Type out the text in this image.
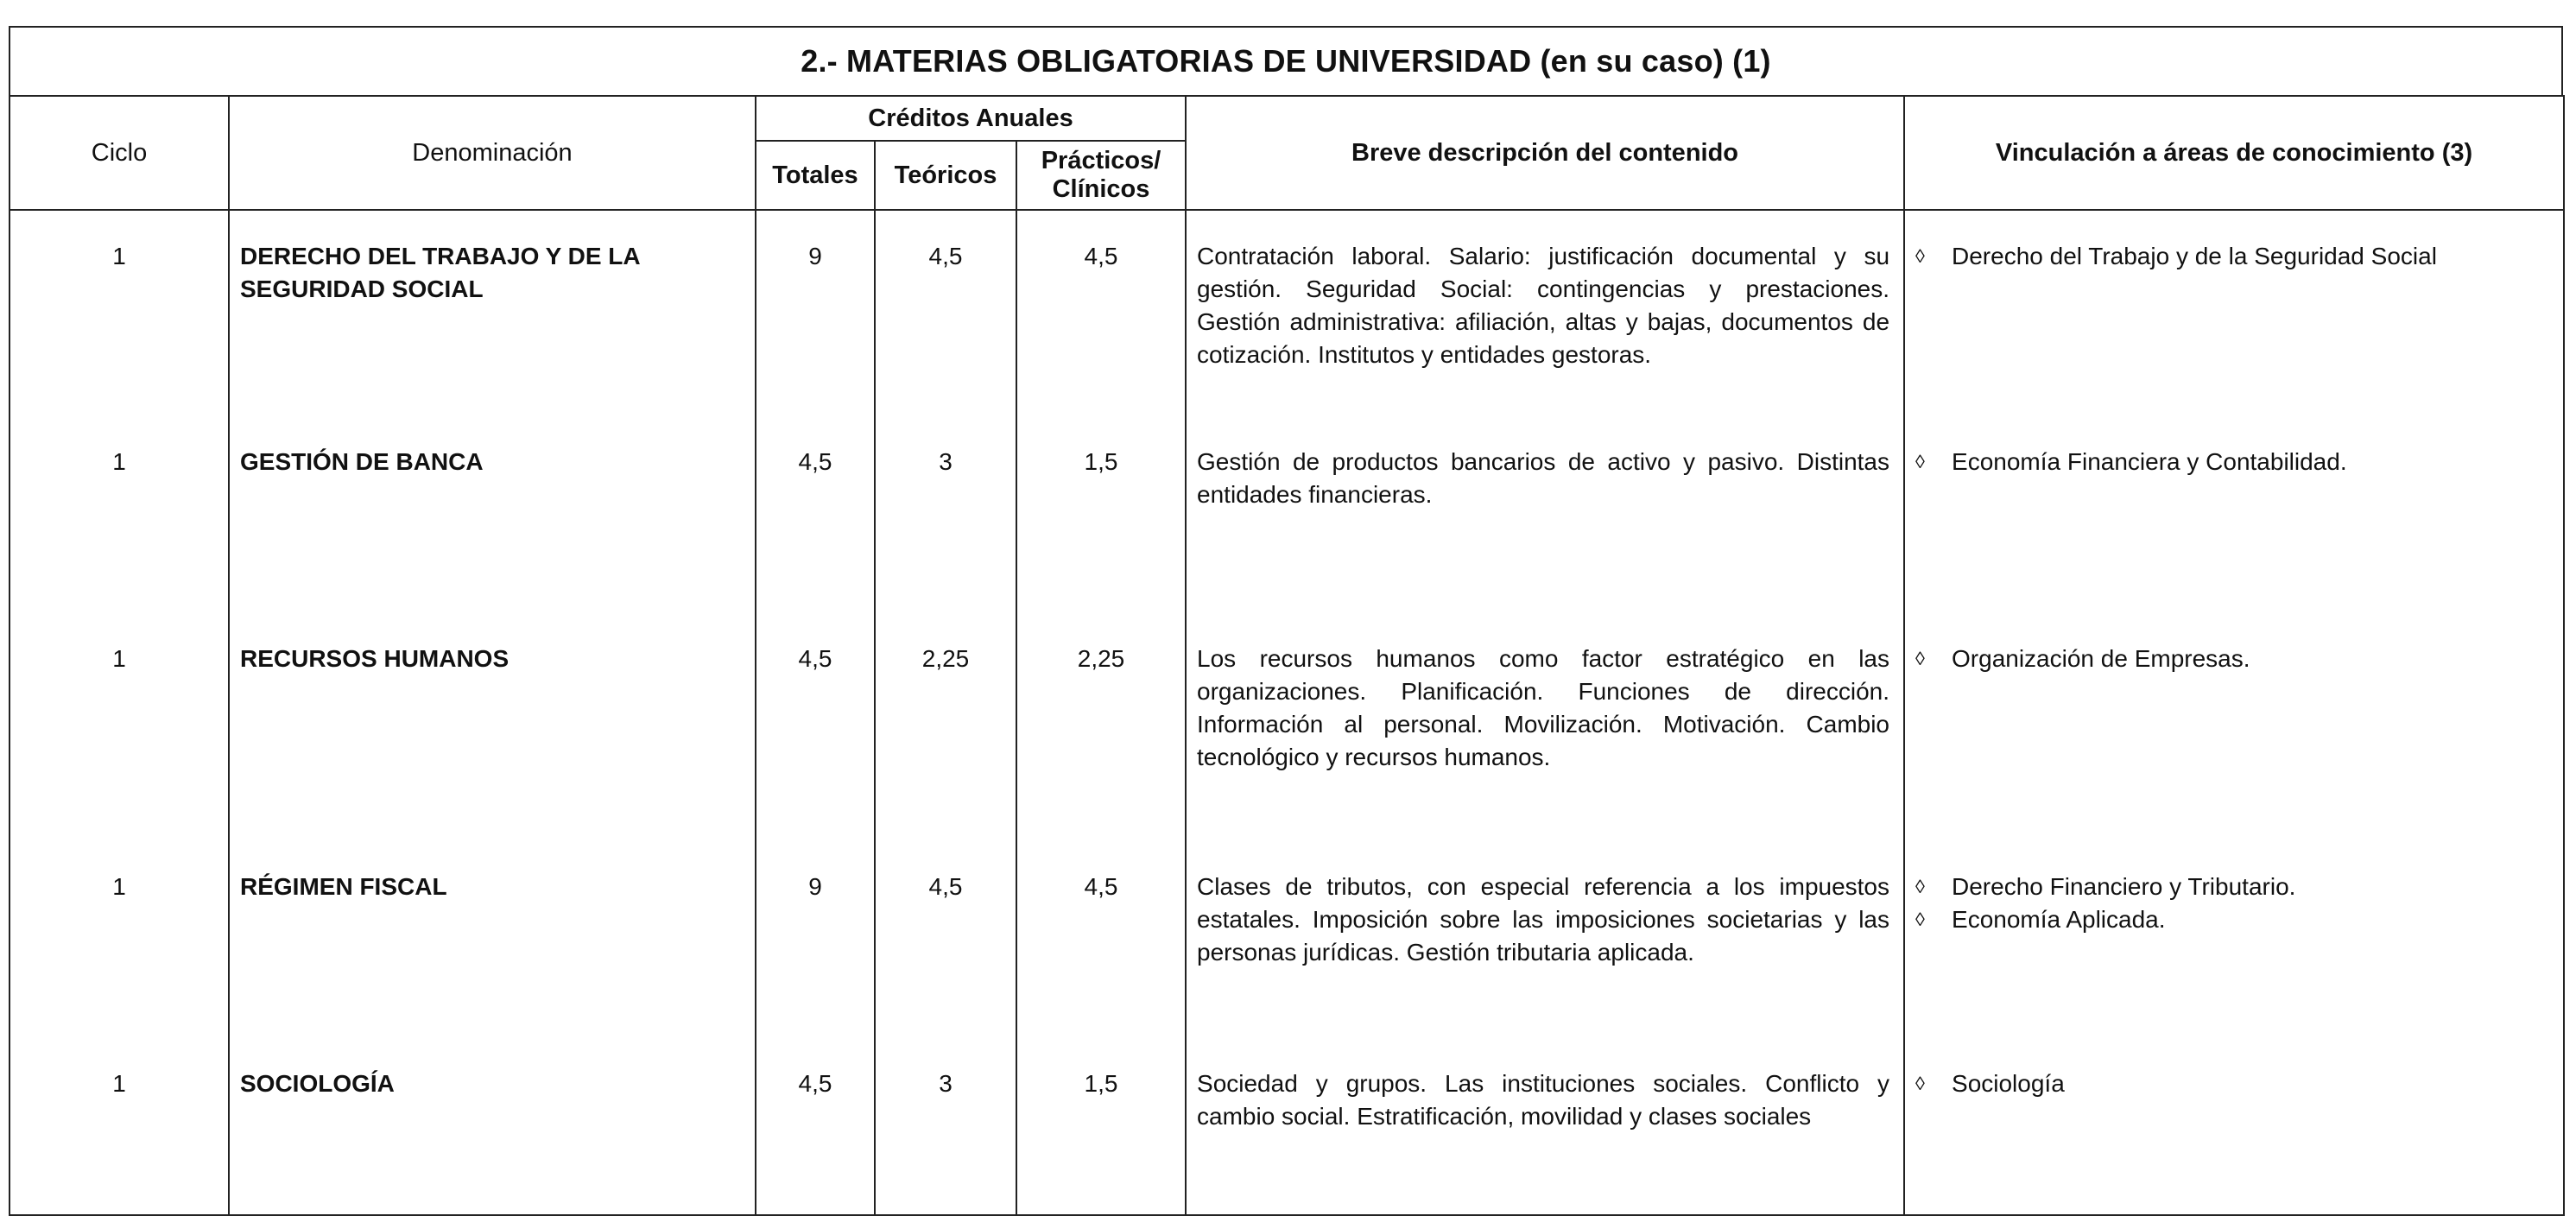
2.- MATERIAS OBLIGATORIAS DE UNIVERSIDAD (en su caso) (1)
Ciclo	Denominación	Créditos Anuales			Breve descripción del contenido	Vinculación a áreas de conocimiento (3)
		Totales	Teóricos	Prácticos/ Clínicos		
1	DERECHO DEL TRABAJO Y DE LA SEGURIDAD SOCIAL	9	4,5	4,5	Contratación laboral. Salario: justificación documental y su gestión. Seguridad Social: contingencias y prestaciones. Gestión administrativa: afiliación, altas y bajas, documentos de cotización. Institutos y entidades gestoras.	◊ Derecho del Trabajo y de la Seguridad Social

1	GESTIÓN DE BANCA	4,5	3	1,5	Gestión de productos bancarios de activo y pasivo. Distintas entidades financieras.	◊ Economía Financiera y Contabilidad.

1	RECURSOS HUMANOS	4,5	2,25	2,25	Los recursos humanos como factor estratégico en las organizaciones. Planificación. Funciones de dirección. Información al personal. Movilización. Motivación. Cambio tecnológico y recursos humanos.	◊ Organización de Empresas.

1	RÉGIMEN FISCAL	9	4,5	4,5	Clases de tributos, con especial referencia a los impuestos estatales. Imposición sobre las imposiciones societarias y las personas jurídicas. Gestión tributaria aplicada.	◊ Derecho Financiero y Tributario.
◊ Economía Aplicada.

1	SOCIOLOGÍA	4,5	3	1,5	Sociedad y grupos. Las instituciones sociales. Conflicto y cambio social. Estratificación, movilidad y clases sociales	◊ Sociología
